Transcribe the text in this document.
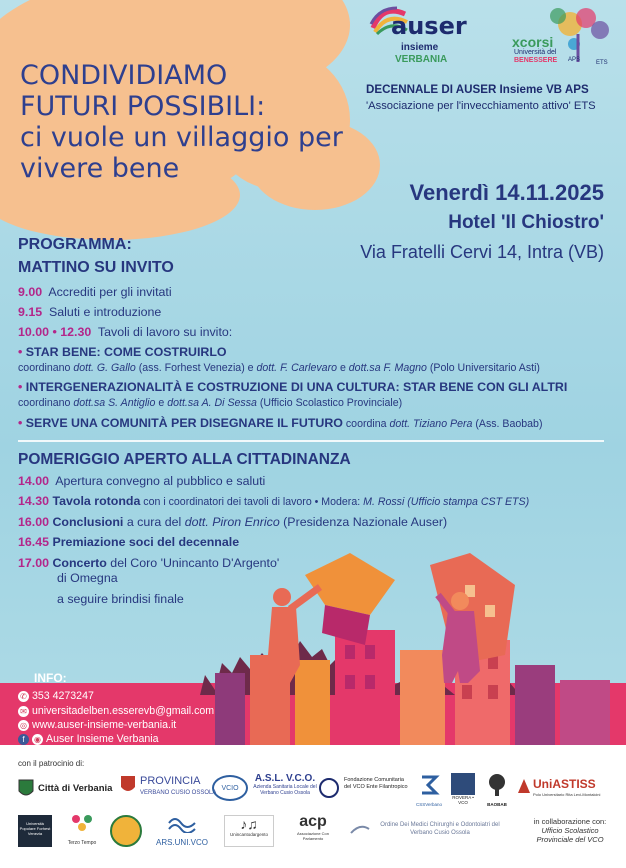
CONDIVIDIAMO
FUTURI POSSIBILI:
ci vuole un villaggio per
vivere bene
auser
insieme
VERBANIA
xcorsi
Università del
BENESSERE APS	ETS
DECENNALE DI AUSER Insieme VB APS
'Associazione per l'invecchiamento attivo' ETS
Venerdì 14.11.2025
Hotel 'Il Chiostro'
Via Fratelli Cervi 14, Intra (VB)
PROGRAMMA:
MATTINO SU INVITO
9.00 Accrediti per gli invitati
9.15 Saluti e introduzione
10.00 • 12.30 Tavoli di lavoro su invito:
• STAR BENE: COME COSTRUIRLO
coordinano dott. G. Gallo (ass. Forhest Venezia) e dott. F. Carlevaro e dott.sa F. Magno (Polo Universitario Asti)
• INTERGENERAZIONALITÀ E COSTRUZIONE DI UNA CULTURA: STAR BENE CON GLI ALTRI
coordinano dott.sa S. Antiglio e dott.sa A. Di Sessa (Ufficio Scolastico Provinciale)
• SERVE UNA COMUNITÀ PER DISEGNARE IL FUTURO coordina dott. Tiziano Pera (Ass. Baobab)
POMERIGGIO APERTO ALLA CITTADINANZA
14.00 Apertura convegno al pubblico e saluti
14.30 Tavola rotonda con i coordinatori dei tavoli di lavoro • Modera: M. Rossi (Ufficio stampa CST ETS)
16.00 Conclusioni a cura del dott. Piron Enrico (Presidenza Nazionale Auser)
16.45 Premiazione soci del decennale
17.00 Concerto del Coro 'Unincanto D'Argento'
di Omegna
a seguire brindisi finale
INFO:
✆ 353 4273247
✉ universitadelben.esserevb@gmail.com
◎ www.auser-insieme-verbania.it
f ◉ Auser Insieme Verbania
con il patrocinio di:
Città di Verbania
PROVINCIA
VERBANO CUSIO OSSOLA
VCIO
A.S.L. V.C.O.
Azienda Sanitaria Locale del Verbano Cusio Ossola
Fondazione Comunitaria del VCO Ente Filantropico
CSSVerbano
ROVERA • VCO	BAOBAB
UniASTISS
Polo Universitario Rita Levi-Montalcini
Università Popolare Forhest Venezia
Terzo Tempo	ARS.UNI.VCO
♪♫
Unincantodargento
acp
Associazione Con Parlamento
Ordine Dei Medici Chirurghi e Odontoiatri del Verbano Cusio Ossola
in collaborazione con:
Ufficio Scolastico
Provinciale del VCO
